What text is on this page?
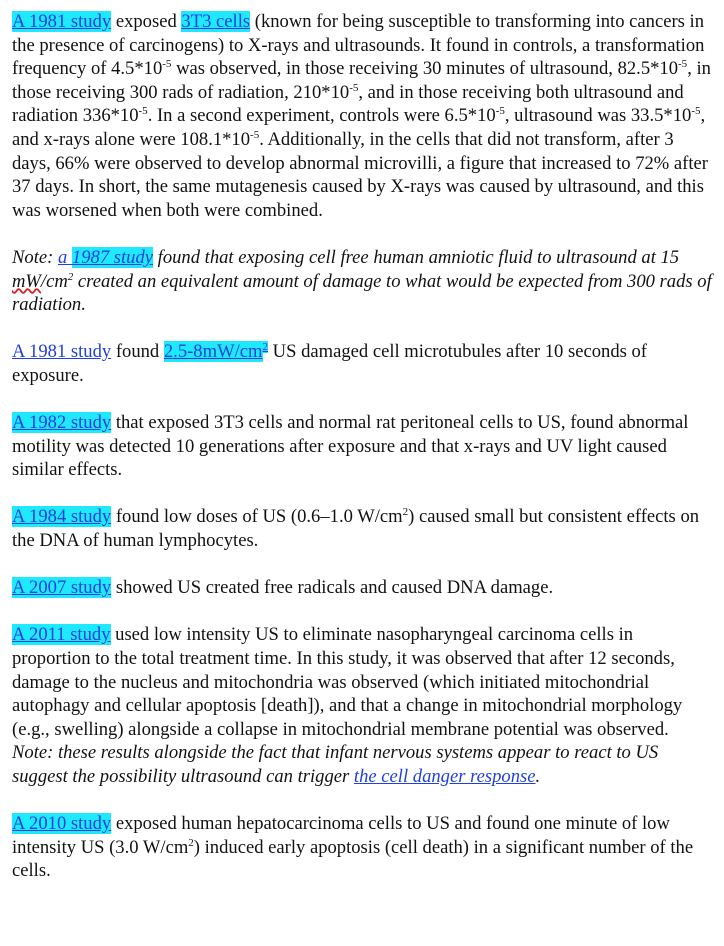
A 1981 study exposed 3T3 cells (known for being susceptible to transforming into cancers in the presence of carcinogens) to X-rays and ultrasounds. It found in controls, a transformation frequency of $4.5*10^{-5}$ was observed, in those receiving 30 minutes of ultrasound, $82.5*10^{-5}$, in those receiving 300 rads of radiation, $210*10^{-5}$, and in those receiving both ultrasound and radiation $336*10^{-5}$. In a second experiment, controls were $6.5*10^{-5}$, ultrasound was $33.5*10^{-5}$, and x-rays alone were $108.1*10^{-5}$. Additionally, in the cells that did not transform, after 3 days, 66% were observed to develop abnormal microvilli, a figure that increased to 72% after 37 days. In short, the same mutagenesis caused by X-rays was caused by ultrasound, and this was worsened when both were combined.

Note: a 1987 study found that exposing cell free human amniotic fluid to ultrasound at 15 $mW/cm^2$ created an equivalent amount of damage to what would be expected from 300 rads of radiation.

A 1981 study found $2.5-8mW/cm^2$ US damaged cell microtubules after 10 seconds of exposure.

A 1982 study that exposed 3T3 cells and normal rat peritoneal cells to US, found abnormal motility was detected 10 generations after exposure and that x-rays and UV light caused similar effects.

A 1984 study found low doses of US (0.6–1.0 $W/cm^2$) caused small but consistent effects on the DNA of human lymphocytes.

A 2007 study showed US created free radicals and caused DNA damage.

A 2011 study used low intensity US to eliminate nasopharyngeal carcinoma cells in proportion to the total treatment time. In this study, it was observed that after 12 seconds, damage to the nucleus and mitochondria was observed (which initiated mitochondrial autophagy and cellular apoptosis [death]), and that a change in mitochondrial morphology (e.g., swelling) alongside a collapse in mitochondrial membrane potential was observed.

Note: these results alongside the fact that infant nervous systems appear to react to US suggest the possibility ultrasound can trigger the cell danger response.

A 2010 study exposed human hepatocarcinoma cells to US and found one minute of low intensity US (3.0 $W/cm^2$) induced early apoptosis (cell death) in a significant number of the cells.
